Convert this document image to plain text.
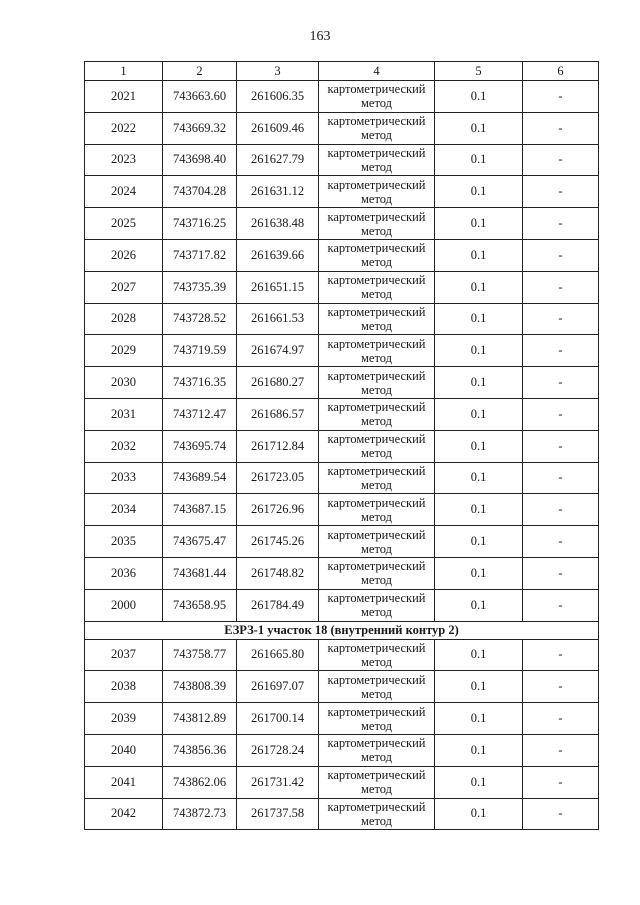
163
1	2	3	4	5	6
2021	743663.60	261606.35	картометрический метод	0.1	-
2022	743669.32	261609.46	картометрический метод	0.1	-
2023	743698.40	261627.79	картометрический метод	0.1	-
2024	743704.28	261631.12	картометрический метод	0.1	-
2025	743716.25	261638.48	картометрический метод	0.1	-
2026	743717.82	261639.66	картометрический метод	0.1	-
2027	743735.39	261651.15	картометрический метод	0.1	-
2028	743728.52	261661.53	картометрический метод	0.1	-
2029	743719.59	261674.97	картометрический метод	0.1	-
2030	743716.35	261680.27	картометрический метод	0.1	-
2031	743712.47	261686.57	картометрический метод	0.1	-
2032	743695.74	261712.84	картометрический метод	0.1	-
2033	743689.54	261723.05	картометрический метод	0.1	-
2034	743687.15	261726.96	картометрический метод	0.1	-
2035	743675.47	261745.26	картометрический метод	0.1	-
2036	743681.44	261748.82	картометрический метод	0.1	-
2000	743658.95	261784.49	картометрический метод	0.1	-
ЕЗРЗ-1 участок 18 (внутренний контур 2)					
2037	743758.77	261665.80	картометрический метод	0.1	-
2038	743808.39	261697.07	картометрический метод	0.1	-
2039	743812.89	261700.14	картометрический метод	0.1	-
2040	743856.36	261728.24	картометрический метод	0.1	-
2041	743862.06	261731.42	картометрический метод	0.1	-
2042	743872.73	261737.58	картометрический метод	0.1	-
